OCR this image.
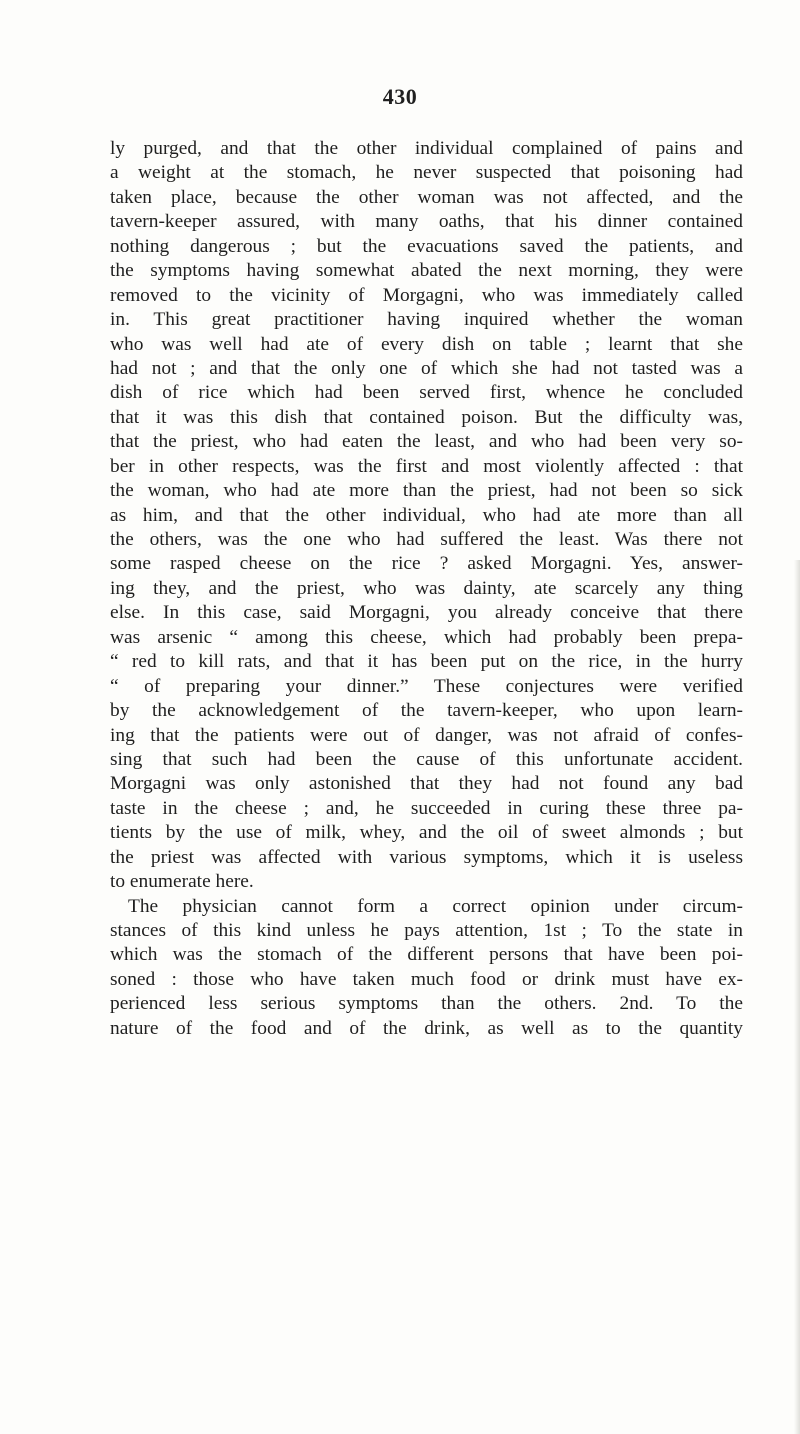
430
ly purged, and that the other individual complained of pains and
a weight at the stomach, he never suspected that poisoning had
taken place, because the other woman was not affected, and the
tavern-keeper assured, with many oaths, that his dinner contained
nothing dangerous ; but the evacuations saved the patients, and
the symptoms having somewhat abated the next morning, they were
removed to the vicinity of Morgagni, who was immediately called
in. This great practitioner having inquired whether the woman
who was well had ate of every dish on table ; learnt that she
had not ; and that the only one of which she had not tasted was a
dish of rice which had been served first, whence he concluded
that it was this dish that contained poison. But the difficulty was,
that the priest, who had eaten the least, and who had been very so-
ber in other respects, was the first and most violently affected : that
the woman, who had ate more than the priest, had not been so sick
as him, and that the other individual, who had ate more than all
the others, was the one who had suffered the least. Was there not
some rasped cheese on the rice ? asked Morgagni. Yes, answer-
ing they, and the priest, who was dainty, ate scarcely any thing
else. In this case, said Morgagni, you already conceive that there
was arsenic “ among this cheese, which had probably been prepa-
“ red to kill rats, and that it has been put on the rice, in the hurry
“ of preparing your dinner.” These conjectures were verified
by the acknowledgement of the tavern-keeper, who upon learn-
ing that the patients were out of danger, was not afraid of confes-
sing that such had been the cause of this unfortunate accident.
Morgagni was only astonished that they had not found any bad
taste in the cheese ; and, he succeeded in curing these three pa-
tients by the use of milk, whey, and the oil of sweet almonds ; but
the priest was affected with various symptoms, which it is useless
to enumerate here.
The physician cannot form a correct opinion under circum-
stances of this kind unless he pays attention, 1st ; To the state in
which was the stomach of the different persons that have been poi-
soned : those who have taken much food or drink must have ex-
perienced less serious symptoms than the others. 2nd. To the
nature of the food and of the drink, as well as to the quantity
